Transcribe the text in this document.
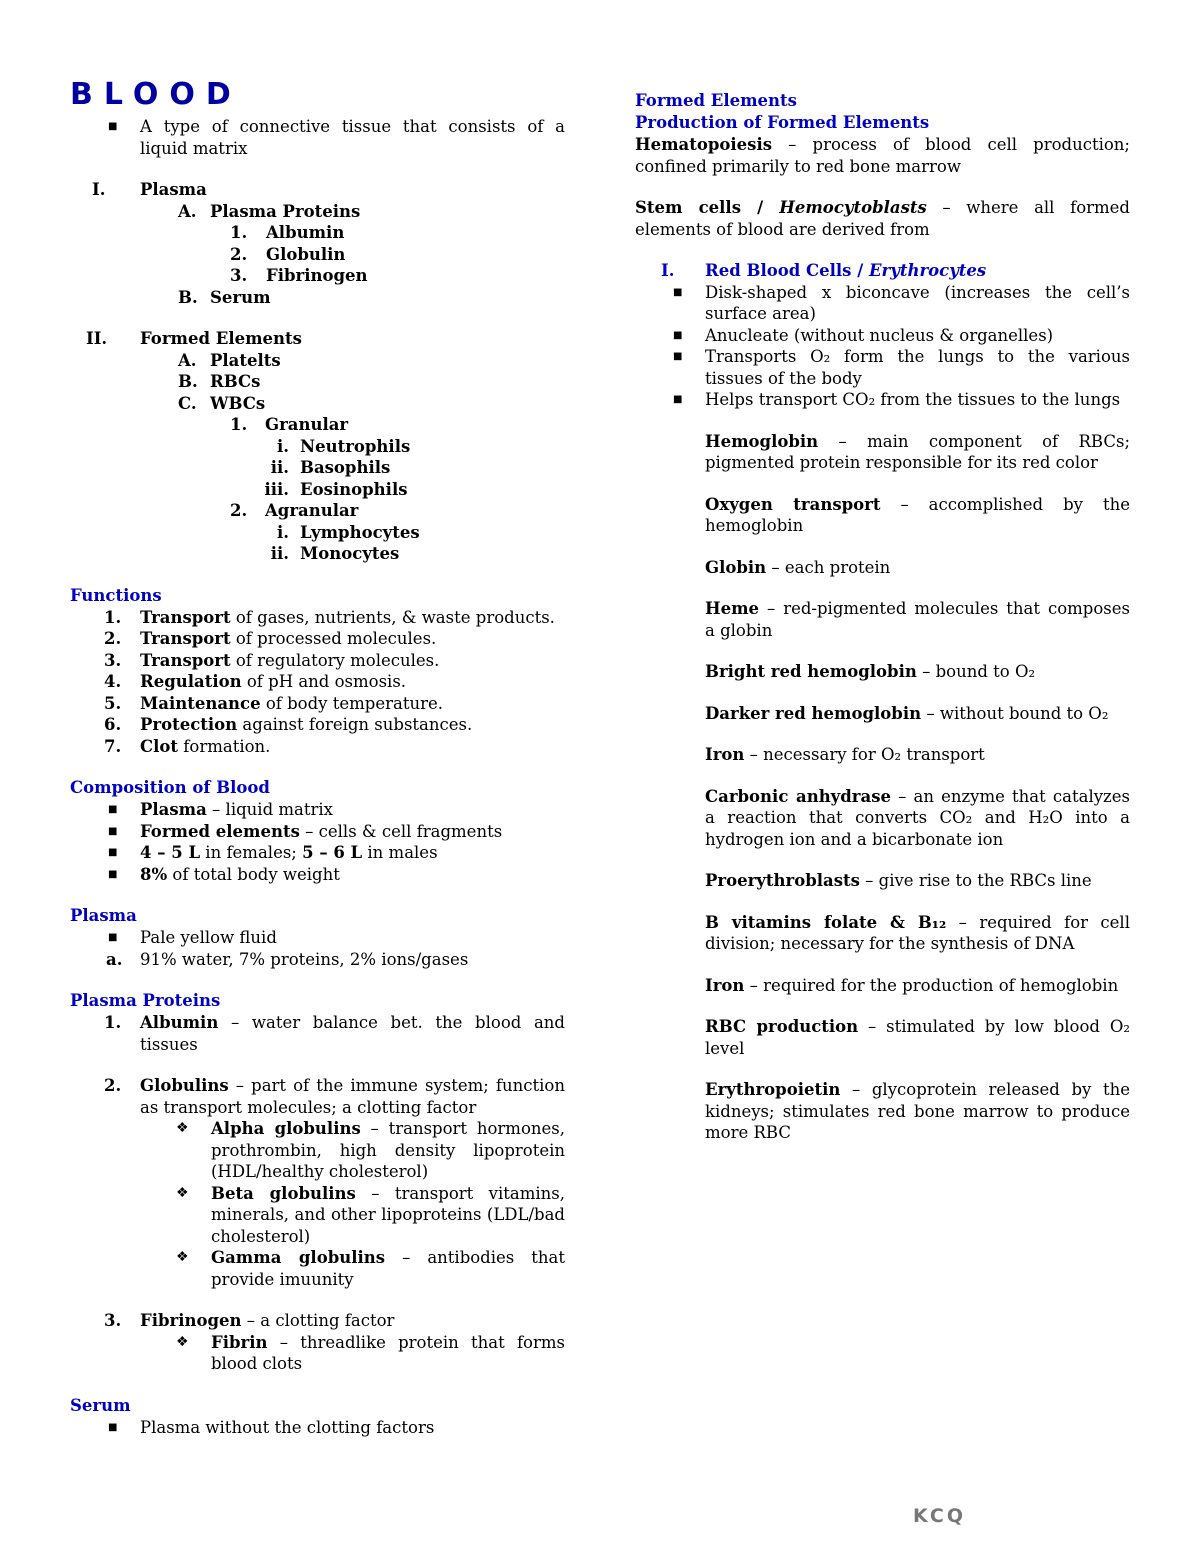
BLOOD
■ A type of connective tissue that consists of a liquid matrix
I. Plasma
A. Plasma Proteins
1. Albumin
2. Globulin
3. Fibrinogen
B. Serum
II. Formed Elements
A. Platelts
B. RBCs
C. WBCs
1. Granular
i. Neutrophils
ii. Basophils
iii. Eosinophils
2. Agranular
i. Lymphocytes
ii. Monocytes
Functions
1. Transport of gases, nutrients, & waste products.
2. Transport of processed molecules.
3. Transport of regulatory molecules.
4. Regulation of pH and osmosis.
5. Maintenance of body temperature.
6. Protection against foreign substances.
7. Clot formation.
Composition of Blood
■ Plasma – liquid matrix
■ Formed elements – cells & cell fragments
■ 4 – 5 L in females; 5 – 6 L in males
■ 8% of total body weight
Plasma
■ Pale yellow fluid
a. 91% water, 7% proteins, 2% ions/gases
Plasma Proteins
1. Albumin – water balance bet. the blood and tissues
2. Globulins – part of the immune system; function as transport molecules; a clotting factor
❖ Alpha globulins – transport hormones, prothrombin, high density lipoprotein (HDL/healthy cholesterol)
❖ Beta globulins – transport vitamins, minerals, and other lipoproteins (LDL/bad cholesterol)
❖ Gamma globulins – antibodies that provide imuunity
3. Fibrinogen – a clotting factor
❖ Fibrin – threadlike protein that forms blood clots
Serum
■ Plasma without the clotting factors
Formed Elements
Production of Formed Elements
Hematopoiesis – process of blood cell production; confined primarily to red bone marrow
Stem cells / Hemocytoblasts – where all formed elements of blood are derived from
I. Red Blood Cells / Erythrocytes
■ Disk-shaped x biconcave (increases the cell’s surface area)
■ Anucleate (without nucleus & organelles)
■ Transports O₂ form the lungs to the various tissues of the body
■ Helps transport CO₂ from the tissues to the lungs
Hemoglobin – main component of RBCs; pigmented protein responsible for its red color
Oxygen transport – accomplished by the hemoglobin
Globin – each protein
Heme – red-pigmented molecules that composes a globin
Bright red hemoglobin – bound to O₂
Darker red hemoglobin – without bound to O₂
Iron – necessary for O₂ transport
Carbonic anhydrase – an enzyme that catalyzes a reaction that converts CO₂ and H₂O into a hydrogen ion and a bicarbonate ion
Proerythroblasts – give rise to the RBCs line
B vitamins folate & B₁₂ – required for cell division; necessary for the synthesis of DNA
Iron – required for the production of hemoglobin
RBC production – stimulated by low blood O₂ level
Erythropoietin – glycoprotein released by the kidneys; stimulates red bone marrow to produce more RBC
KCQ
